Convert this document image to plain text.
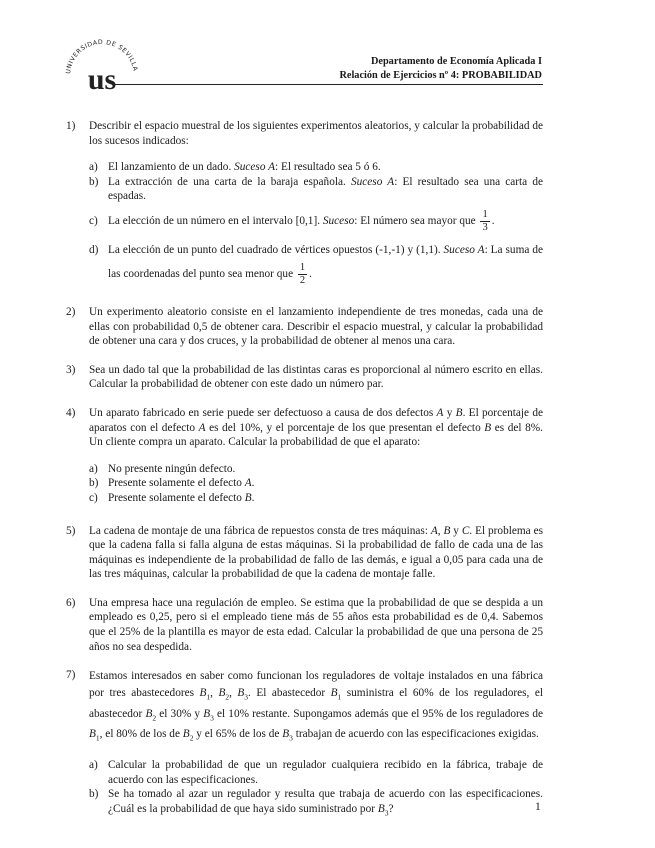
UNIVERSIDAD DE SEVILLA
us
Departamento de Economía Aplicada I
Relación de Ejercicios nº 4: PROBABILIDAD
1) Describir el espacio muestral de los siguientes experimentos aleatorios, y calcular la probabilidad de los sucesos indicados:

a) El lanzamiento de un dado. Suceso A: El resultado sea 5 ó 6.

b) La extracción de una carta de la baraja española. Suceso A: El resultado sea una carta de espadas.

c) La elección de un número en el intervalo [0,1]. Suceso: El número sea mayor que $\frac{1}{3}$ .

d) La elección de un punto del cuadrado de vértices opuestos (-1,-1) y (1,1). Suceso A: La suma de las coordenadas del punto sea menor que $\frac{1}{2}$ .

2) Un experimento aleatorio consiste en el lanzamiento independiente de tres monedas, cada una de ellas con probabilidad 0,5 de obtener cara. Describir el espacio muestral, y calcular la probabilidad de obtener una cara y dos cruces, y la probabilidad de obtener al menos una cara.
3) Sea un dado tal que la probabilidad de las distintas caras es proporcional al número escrito en ellas. Calcular la probabilidad de obtener con este dado un número par.
4) Un aparato fabricado en serie puede ser defectuoso a causa de dos defectos A y B. El porcentaje de aparatos con el defecto A es del 10%, y el porcentaje de los que presentan el defecto B es del 8%. Un cliente compra un aparato. Calcular la probabilidad de que el aparato:

a) No presente ningún defecto.

b) Presente solamente el defecto A.

c) Presente solamente el defecto B.

5) La cadena de montaje de una fábrica de repuestos consta de tres máquinas: A, B y C. El problema es que la cadena falla si falla alguna de estas máquinas. Si la probabilidad de fallo de cada una de las máquinas es independiente de la probabilidad de fallo de las demás, e igual a 0,05 para cada una de las tres máquinas, calcular la probabilidad de que la cadena de montaje falle.
6) Una empresa hace una regulación de empleo. Se estima que la probabilidad de que se despida a un empleado es 0,25, pero si el empleado tiene más de 55 años esta probabilidad es de 0,4. Sabemos que el 25% de la plantilla es mayor de esta edad. Calcular la probabilidad de que una persona de 25 años no sea despedida.
7) Estamos interesados en saber como funcionan los reguladores de voltaje instalados en una fábrica por tres abastecedores $B_1$, $B_2$, $B_3$. El abastecedor $B_1$ suministra el 60% de los reguladores, el abastecedor $B_2$ el 30% y $B_3$ el 10% restante. Supongamos además que el 95% de los reguladores de $B_1$, el 80% de los de $B_2$ y el 65% de los de $B_3$ trabajan de acuerdo con las especificaciones exigidas.

a) Calcular la probabilidad de que un regulador cualquiera recibido en la fábrica, trabaje de acuerdo con las especificaciones.

b) Se ha tomado al azar un regulador y resulta que trabaja de acuerdo con las especificaciones. ¿Cuál es la probabilidad de que haya sido suministrado por $B_3$?	1
